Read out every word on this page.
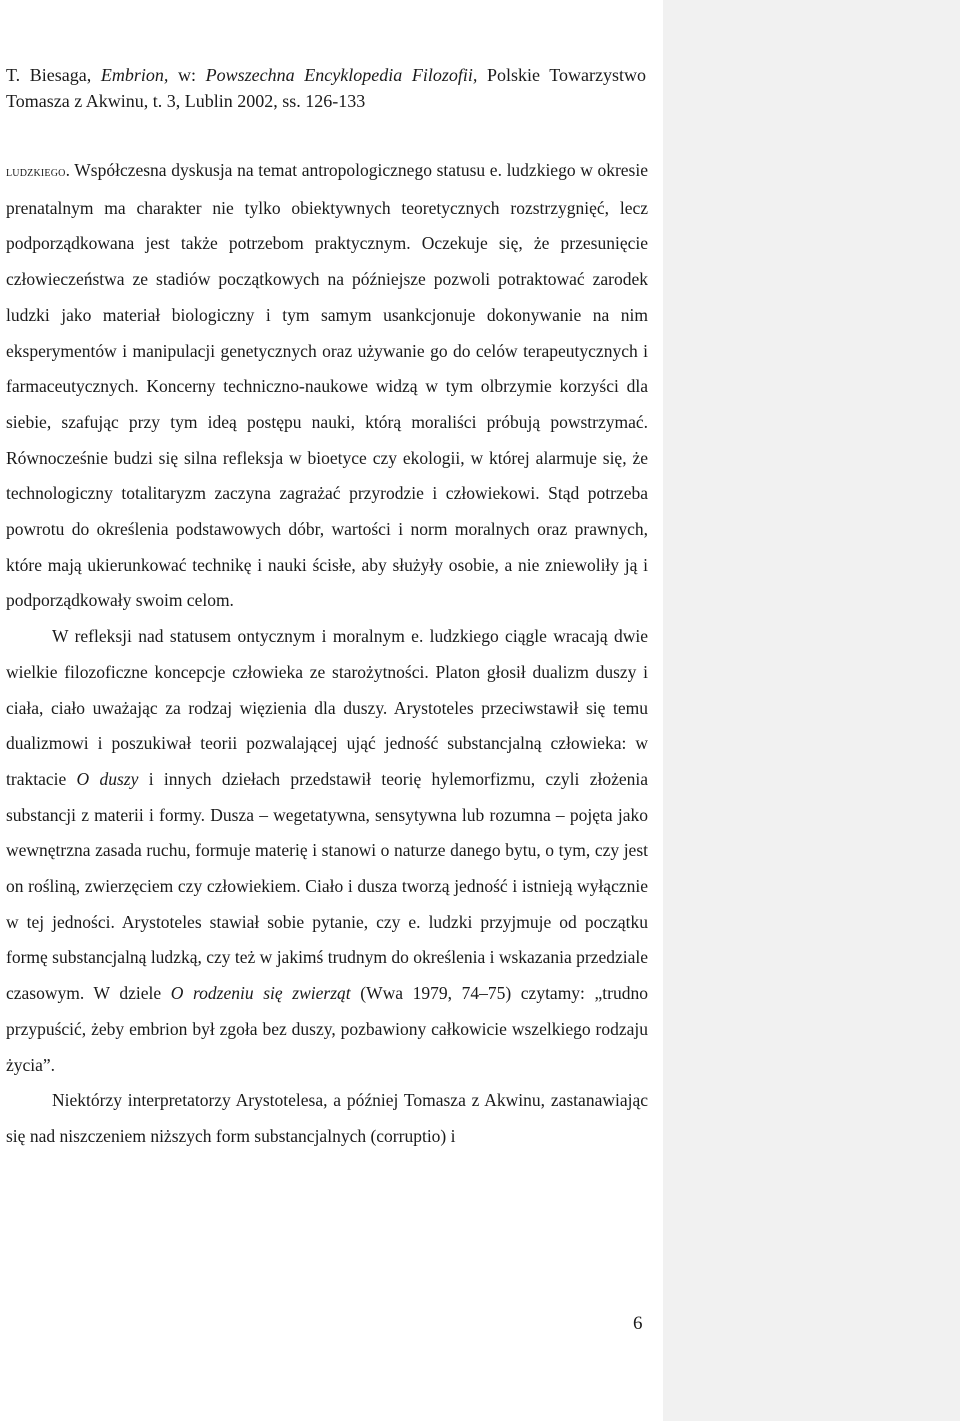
T. Biesaga, Embrion, w: Powszechna Encyklopedia Filozofii, Polskie Towarzystwo Tomasza z Akwinu, t. 3, Lublin 2002, ss. 126-133

ludzkiego. Współczesna dyskusja na temat antropologicznego statusu e. ludzkiego w okresie prenatalnym ma charakter nie tylko obiektywnych teoretycznych rozstrzygnięć, lecz podporządkowana jest także potrzebom praktycznym. Oczekuje się, że przesunięcie człowieczeństwa ze stadiów początkowych na późniejsze pozwoli potraktować zarodek ludzki jako materiał biologiczny i tym samym usankcjonuje dokonywanie na nim eksperymentów i manipulacji genetycznych oraz używanie go do celów terapeutycznych i farmaceutycznych. Koncerny techniczno-naukowe widzą w tym olbrzymie korzyści dla siebie, szafując przy tym ideą postępu nauki, którą moraliści próbują powstrzymać. Równocześnie budzi się silna refleksja w bioetyce czy ekologii, w której alarmuje się, że technologiczny totalitaryzm zaczyna zagrażać przyrodzie i człowiekowi. Stąd potrzeba powrotu do określenia podstawowych dóbr, wartości i norm moralnych oraz prawnych, które mają ukierunkować technikę i nauki ścisłe, aby służyły osobie, a nie zniewoliły ją i podporządkowały swoim celom.

W refleksji nad statusem ontycznym i moralnym e. ludzkiego ciągle wracają dwie wielkie filozoficzne koncepcje człowieka ze starożytności. Platon głosił dualizm duszy i ciała, ciało uważając za rodzaj więzienia dla duszy. Arystoteles przeciwstawił się temu dualizmowi i poszukiwał teorii pozwalającej ująć jedność substancjalną człowieka: w traktacie O duszy i innych dziełach przedstawił teorię hylemorfizmu, czyli złożenia substancji z materii i formy. Dusza – wegetatywna, sensytywna lub rozumna – pojęta jako wewnętrzna zasada ruchu, formuje materię i stanowi o naturze danego bytu, o tym, czy jest on rośliną, zwierzęciem czy człowiekiem. Ciało i dusza tworzą jedność i istnieją wyłącznie w tej jedności. Arystoteles stawiał sobie pytanie, czy e. ludzki przyjmuje od początku formę substancjalną ludzką, czy też w jakimś trudnym do określenia i wskazania przedziale czasowym. W dziele O rodzeniu się zwierząt (Wwa 1979, 74–75) czytamy: „trudno przypuścić, żeby embrion był zgoła bez duszy, pozbawiony całkowicie wszelkiego rodzaju życia”.

Niektórzy interpretatorzy Arystotelesa, a później Tomasza z Akwinu, zastanawiając się nad niszczeniem niższych form substancjalnych (corruptio) i

6
